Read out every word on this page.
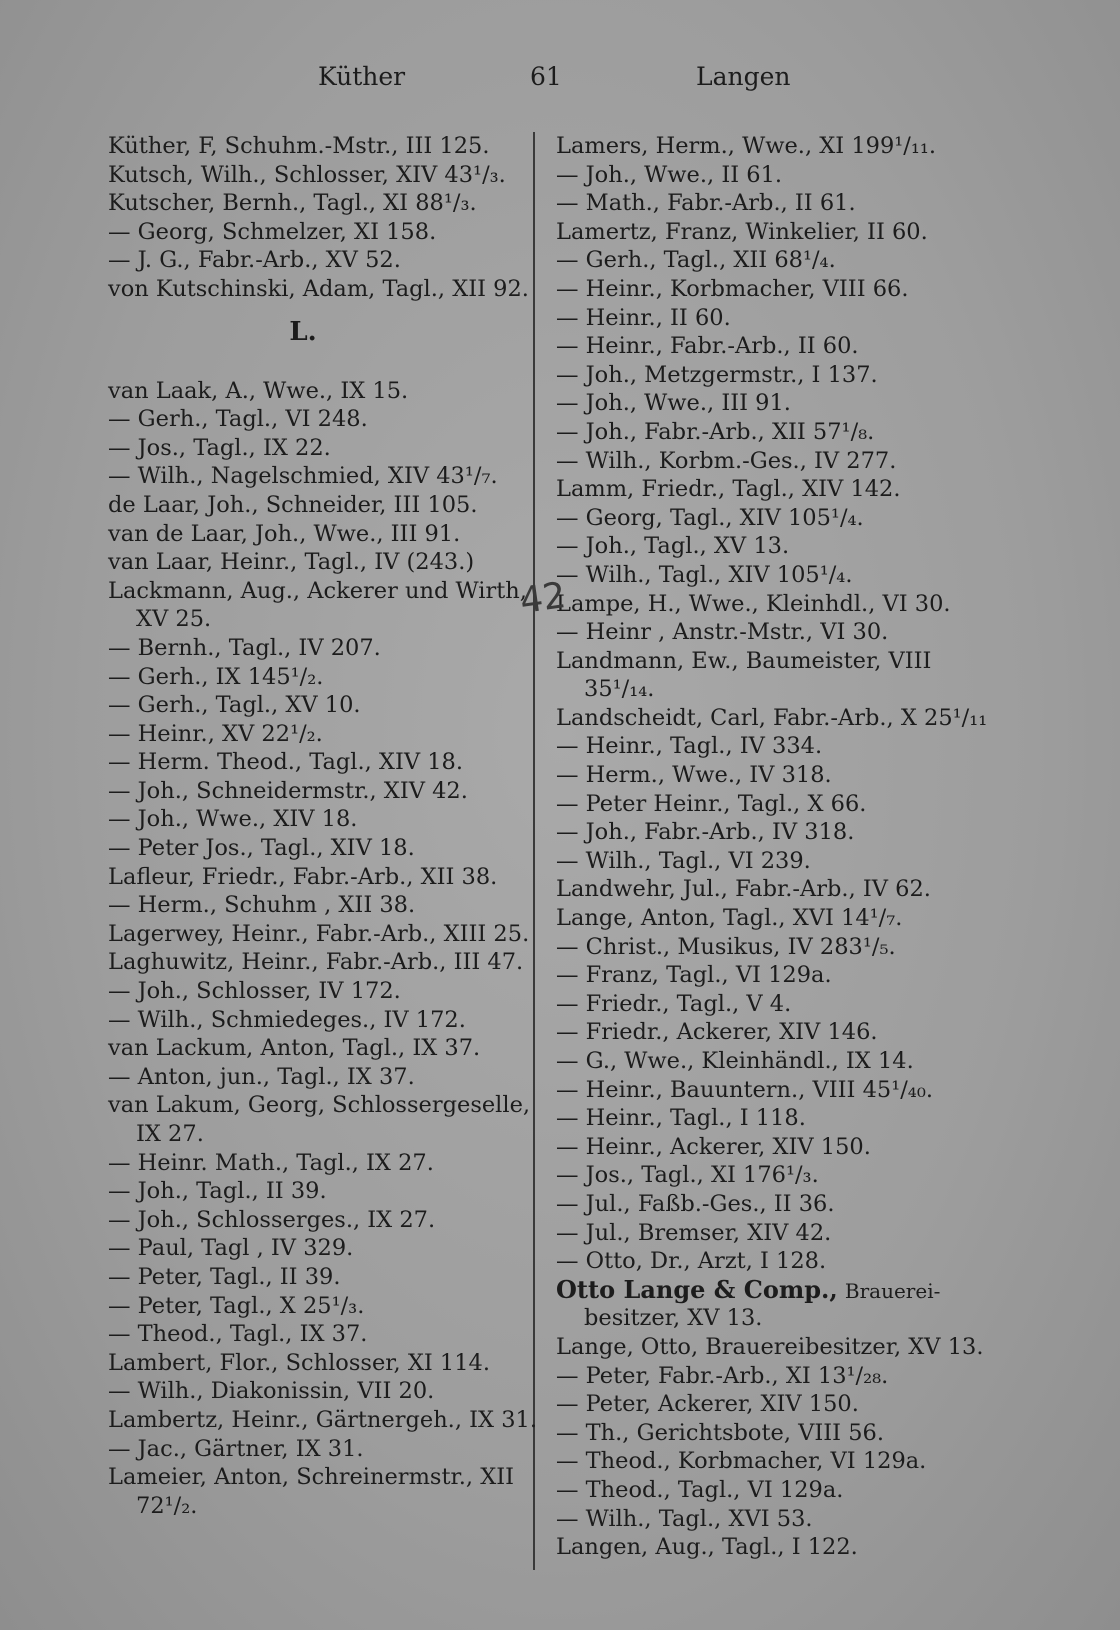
Küther	61	Langen
Küther, F, Schuhm.-Mstr., III 125.
Kutsch, Wilh., Schlosser, XIV 43¹/₃.
Kutscher, Bernh., Tagl., XI 88¹/₃.
— Georg, Schmelzer, XI 158.
— J. G., Fabr.-Arb., XV 52.
von Kutschinski, Adam, Tagl., XII 92.
L.
van Laak, A., Wwe., IX 15.
— Gerh., Tagl., VI 248.
— Jos., Tagl., IX 22.
— Wilh., Nagelschmied, XIV 43¹/₇.
de Laar, Joh., Schneider, III 105.
van de Laar, Joh., Wwe., III 91.
van Laar, Heinr., Tagl., IV (243.)
Lackmann, Aug., Ackerer und Wirth,
XV 25.
— Bernh., Tagl., IV 207.
— Gerh., IX 145¹/₂.
— Gerh., Tagl., XV 10.
— Heinr., XV 22¹/₂.
— Herm. Theod., Tagl., XIV 18.
— Joh., Schneidermstr., XIV 42.
— Joh., Wwe., XIV 18.
— Peter Jos., Tagl., XIV 18.
Lafleur, Friedr., Fabr.-Arb., XII 38.
— Herm., Schuhm , XII 38.
Lagerwey, Heinr., Fabr.-Arb., XIII 25.
Laghuwitz, Heinr., Fabr.-Arb., III 47.
— Joh., Schlosser, IV 172.
— Wilh., Schmiedeges., IV 172.
van Lackum, Anton, Tagl., IX 37.
— Anton, jun., Tagl., IX 37.
van Lakum, Georg, Schlossergeselle,
IX 27.
— Heinr. Math., Tagl., IX 27.
— Joh., Tagl., II 39.
— Joh., Schlosserges., IX 27.
— Paul, Tagl , IV 329.
— Peter, Tagl., II 39.
— Peter, Tagl., X 25¹/₃.
— Theod., Tagl., IX 37.
Lambert, Flor., Schlosser, XI 114.
— Wilh., Diakonissin, VII 20.
Lambertz, Heinr., Gärtnergeh., IX 31.
— Jac., Gärtner, IX 31.
Lameier, Anton, Schreinermstr., XII
72¹/₂.
Lamers, Herm., Wwe., XI 199¹/₁₁.
— Joh., Wwe., II 61.
— Math., Fabr.-Arb., II 61.
Lamertz, Franz, Winkelier, II 60.
— Gerh., Tagl., XII 68¹/₄.
— Heinr., Korbmacher, VIII 66.
— Heinr., II 60.
— Heinr., Fabr.-Arb., II 60.
— Joh., Metzgermstr., I 137.
— Joh., Wwe., III 91.
— Joh., Fabr.-Arb., XII 57¹/₈.
— Wilh., Korbm.-Ges., IV 277.
Lamm, Friedr., Tagl., XIV 142.
— Georg, Tagl., XIV 105¹/₄.
— Joh., Tagl., XV 13.
— Wilh., Tagl., XIV 105¹/₄.
Lampe, H., Wwe., Kleinhdl., VI 30.
— Heinr , Anstr.-Mstr., VI 30.
Landmann, Ew., Baumeister, VIII
35¹/₁₄.
Landscheidt, Carl, Fabr.-Arb., X 25¹/₁₁
— Heinr., Tagl., IV 334.
— Herm., Wwe., IV 318.
— Peter Heinr., Tagl., X 66.
— Joh., Fabr.-Arb., IV 318.
— Wilh., Tagl., VI 239.
Landwehr, Jul., Fabr.-Arb., IV 62.
Lange, Anton, Tagl., XVI 14¹/₇.
— Christ., Musikus, IV 283¹/₅.
— Franz, Tagl., VI 129a.
— Friedr., Tagl., V 4.
— Friedr., Ackerer, XIV 146.
— G., Wwe., Kleinhändl., IX 14.
— Heinr., Bauuntern., VIII 45¹/₄₀.
— Heinr., Tagl., I 118.
— Heinr., Ackerer, XIV 150.
— Jos., Tagl., XI 176¹/₃.
— Jul., Faßb.-Ges., II 36.
— Jul., Bremser, XIV 42.
— Otto, Dr., Arzt, I 128.
Otto Lange & Comp., Brauerei-
besitzer, XV 13.
Lange, Otto, Brauereibesitzer, XV 13.
— Peter, Fabr.-Arb., XI 13¹/₂₈.
— Peter, Ackerer, XIV 150.
— Th., Gerichtsbote, VIII 56.
— Theod., Korbmacher, VI 129a.
— Theod., Tagl., VI 129a.
— Wilh., Tagl., XVI 53.
Langen, Aug., Tagl., I 122.
42
